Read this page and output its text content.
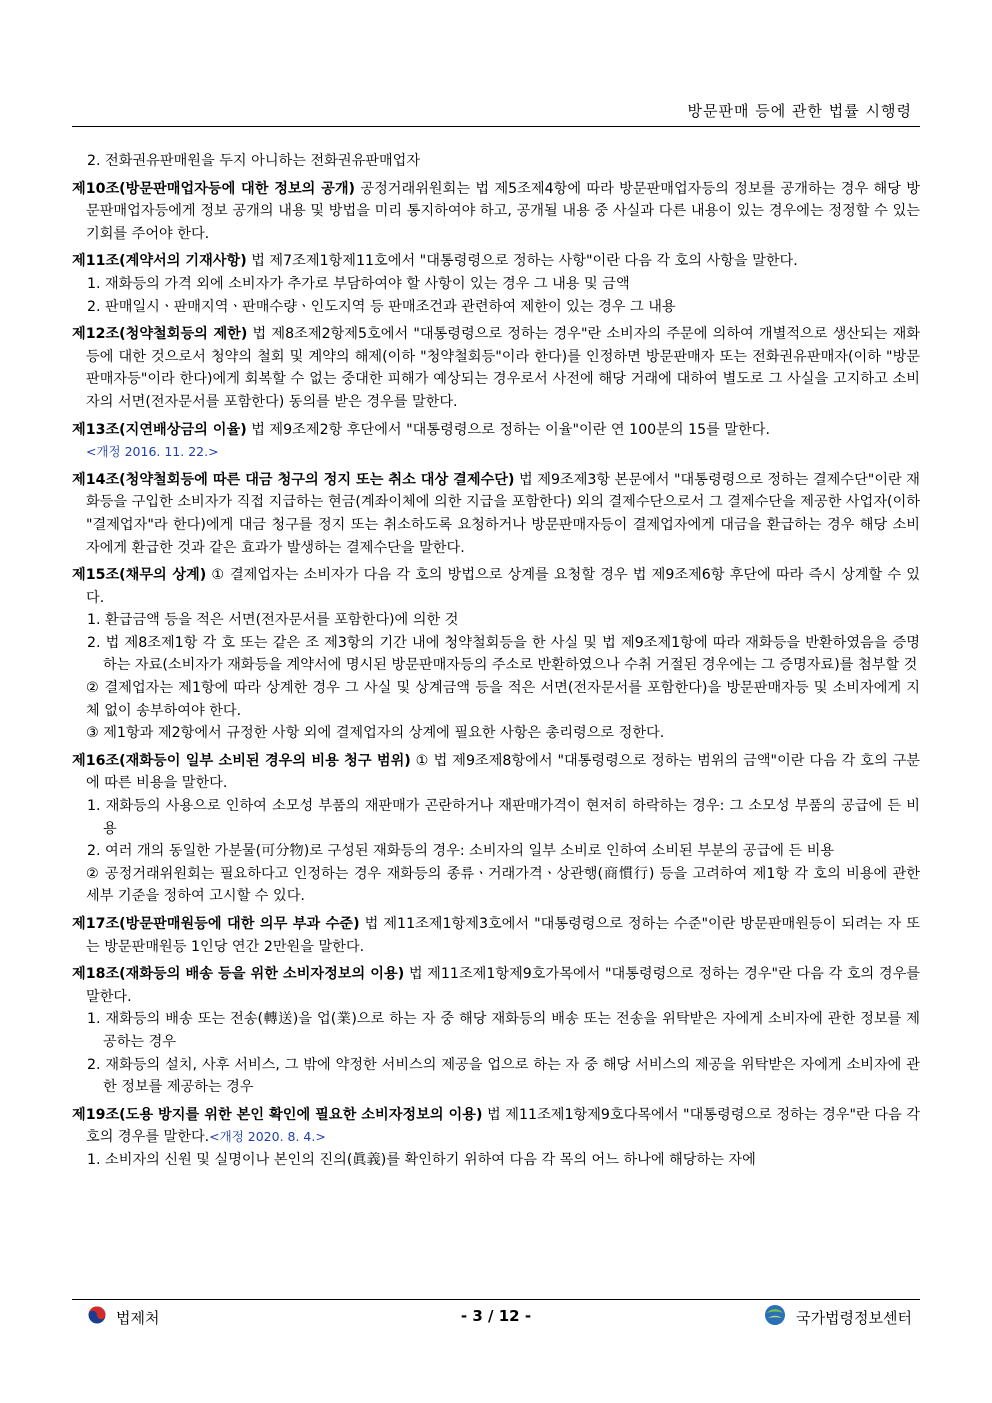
방문판매 등에 관한 법률 시행령
2. 전화권유판매원을 두지 아니하는 전화권유판매업자
제10조(방문판매업자등에 대한 정보의 공개) 공정거래위원회는 법 제5조제4항에 따라 방문판매업자등의 정보를 공개하는 경우 해당 방문판매업자등에게 정보 공개의 내용 및 방법을 미리 통지하여야 하고, 공개될 내용 중 사실과 다른 내용이 있는 경우에는 정정할 수 있는 기회를 주어야 한다.
제11조(계약서의 기재사항) 법 제7조제1항제11호에서 "대통령령으로 정하는 사항"이란 다음 각 호의 사항을 말한다.
1. 재화등의 가격 외에 소비자가 추가로 부담하여야 할 사항이 있는 경우 그 내용 및 금액
2. 판매일시ㆍ판매지역ㆍ판매수량ㆍ인도지역 등 판매조건과 관련하여 제한이 있는 경우 그 내용
제12조(청약철회등의 제한) 법 제8조제2항제5호에서 "대통령령으로 정하는 경우"란 소비자의 주문에 의하여 개별적으로 생산되는 재화등에 대한 것으로서 청약의 철회 및 계약의 해제(이하 "청약철회등"이라 한다)를 인정하면 방문판매자 또는 전화권유판매자(이하 "방문판매자등"이라 한다)에게 회복할 수 없는 중대한 피해가 예상되는 경우로서 사전에 해당 거래에 대하여 별도로 그 사실을 고지하고 소비자의 서면(전자문서를 포함한다) 동의를 받은 경우를 말한다.
제13조(지연배상금의 이율) 법 제9조제2항 후단에서 "대통령령으로 정하는 이율"이란 연 100분의 15를 말한다.
<개정 2016. 11. 22.>
제14조(청약철회등에 따른 대금 청구의 정지 또는 취소 대상 결제수단) 법 제9조제3항 본문에서 "대통령령으로 정하는 결제수단"이란 재화등을 구입한 소비자가 직접 지급하는 현금(계좌이체에 의한 지급을 포함한다) 외의 결제수단으로서 그 결제수단을 제공한 사업자(이하 "결제업자"라 한다)에게 대금 청구를 정지 또는 취소하도록 요청하거나 방문판매자등이 결제업자에게 대금을 환급하는 경우 해당 소비자에게 환급한 것과 같은 효과가 발생하는 결제수단을 말한다.
제15조(채무의 상계) ① 결제업자는 소비자가 다음 각 호의 방법으로 상계를 요청할 경우 법 제9조제6항 후단에 따라 즉시 상계할 수 있다.
1. 환급금액 등을 적은 서면(전자문서를 포함한다)에 의한 것
2. 법 제8조제1항 각 호 또는 같은 조 제3항의 기간 내에 청약철회등을 한 사실 및 법 제9조제1항에 따라 재화등을 반환하였음을 증명하는 자료(소비자가 재화등을 계약서에 명시된 방문판매자등의 주소로 반환하였으나 수취 거절된 경우에는 그 증명자료)를 첨부할 것
② 결제업자는 제1항에 따라 상계한 경우 그 사실 및 상계금액 등을 적은 서면(전자문서를 포함한다)을 방문판매자등 및 소비자에게 지체 없이 송부하여야 한다.
③ 제1항과 제2항에서 규정한 사항 외에 결제업자의 상계에 필요한 사항은 총리령으로 정한다.
제16조(재화등이 일부 소비된 경우의 비용 청구 범위) ① 법 제9조제8항에서 "대통령령으로 정하는 범위의 금액"이란 다음 각 호의 구분에 따른 비용을 말한다.
1. 재화등의 사용으로 인하여 소모성 부품의 재판매가 곤란하거나 재판매가격이 현저히 하락하는 경우: 그 소모성 부품의 공급에 든 비용
2. 여러 개의 동일한 가분물(可分物)로 구성된 재화등의 경우: 소비자의 일부 소비로 인하여 소비된 부분의 공급에 든 비용
② 공정거래위원회는 필요하다고 인정하는 경우 재화등의 종류ㆍ거래가격ㆍ상관행(商慣行) 등을 고려하여 제1항 각 호의 비용에 관한 세부 기준을 정하여 고시할 수 있다.
제17조(방문판매원등에 대한 의무 부과 수준) 법 제11조제1항제3호에서 "대통령령으로 정하는 수준"이란 방문판매원등이 되려는 자 또는 방문판매원등 1인당 연간 2만원을 말한다.
제18조(재화등의 배송 등을 위한 소비자정보의 이용) 법 제11조제1항제9호가목에서 "대통령령으로 정하는 경우"란 다음 각 호의 경우를 말한다.
1. 재화등의 배송 또는 전송(轉送)을 업(業)으로 하는 자 중 해당 재화등의 배송 또는 전송을 위탁받은 자에게 소비자에 관한 정보를 제공하는 경우
2. 재화등의 설치, 사후 서비스, 그 밖에 약정한 서비스의 제공을 업으로 하는 자 중 해당 서비스의 제공을 위탁받은 자에게 소비자에 관한 정보를 제공하는 경우
제19조(도용 방지를 위한 본인 확인에 필요한 소비자정보의 이용) 법 제11조제1항제9호다목에서 "대통령령으로 정하는 경우"란 다음 각 호의 경우를 말한다.<개정 2020. 8. 4.>
1. 소비자의 신원 및 실명이나 본인의 진의(眞義)를 확인하기 위하여 다음 각 목의 어느 하나에 해당하는 자에
법제처	- 3 / 12 -	국가법령정보센터
